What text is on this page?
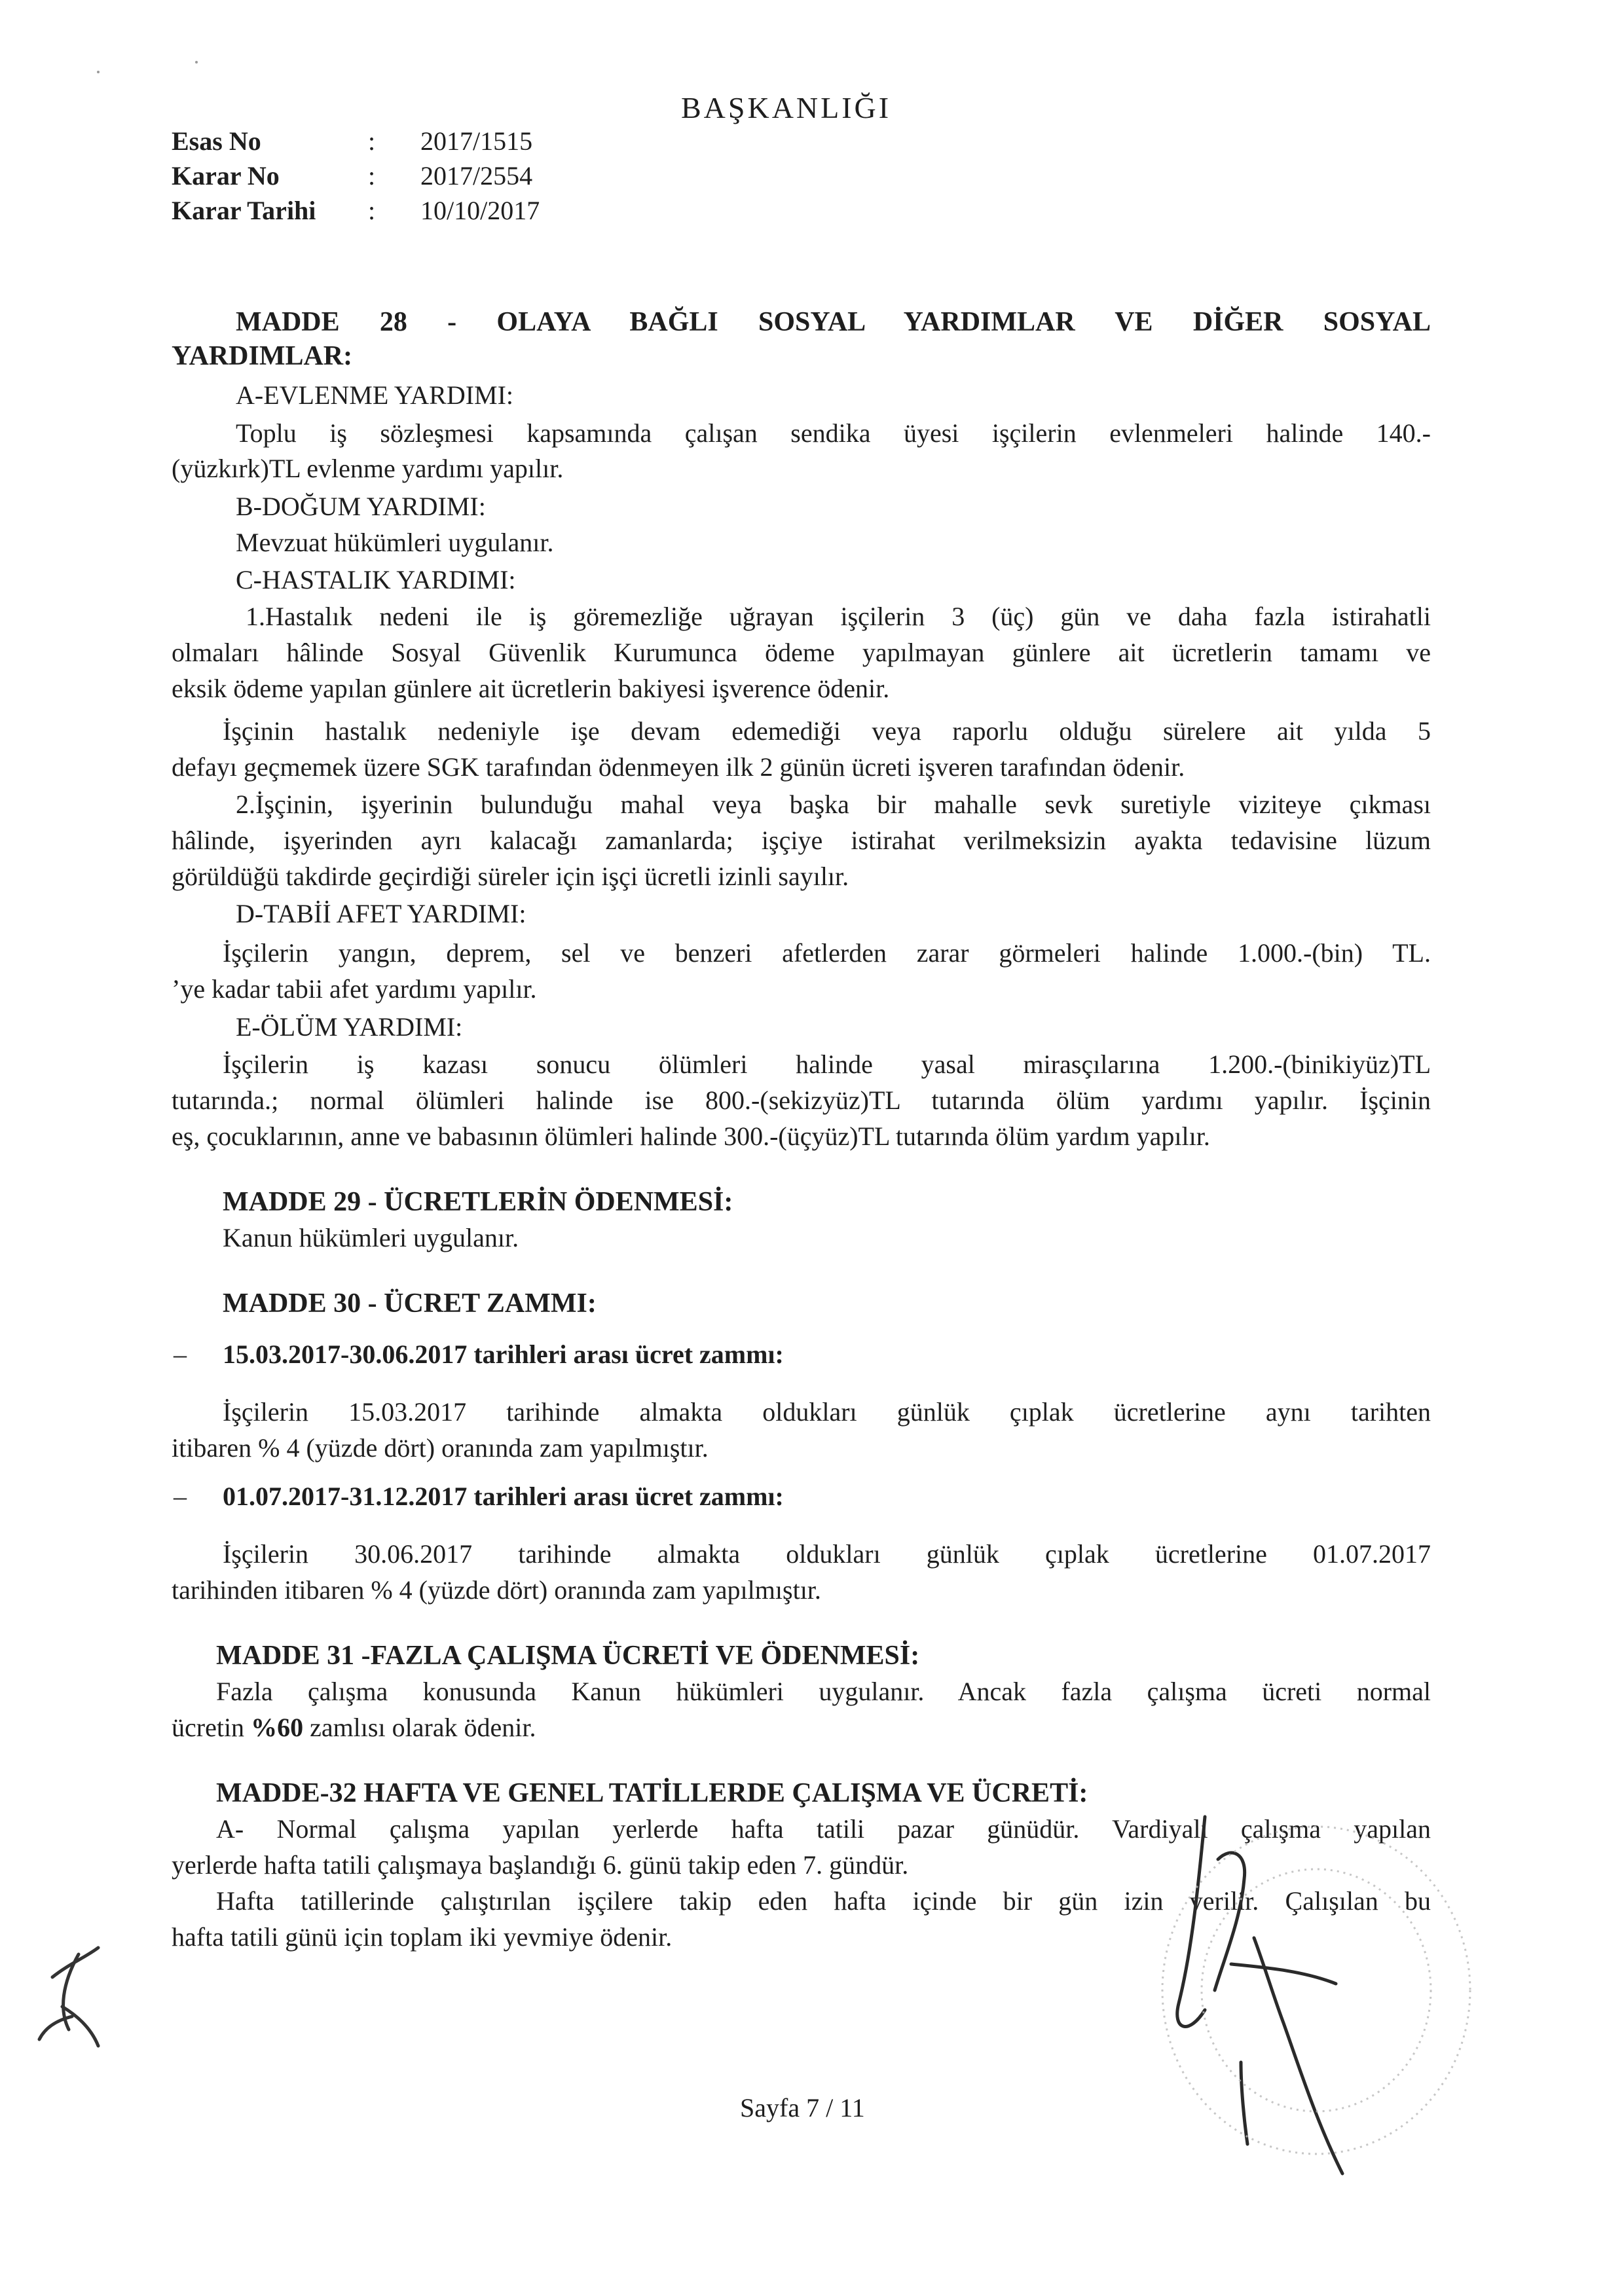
BAŞKANLIĞI
Esas No	: 2017/1515
Karar No	: 2017/2554
Karar Tarihi : 10/10/2017
MADDE 28 - OLAYA BAĞLI SOSYAL YARDIMLAR VE DİĞER SOSYAL
YARDIMLAR:
A-EVLENME YARDIMI:
Toplu iş sözleşmesi kapsamında çalışan sendika üyesi işçilerin evlenmeleri halinde 140.-
(yüzkırk)TL evlenme yardımı yapılır.
B-DOĞUM YARDIMI:
Mevzuat hükümleri uygulanır.
C-HASTALIK YARDIMI:
1.Hastalık nedeni ile iş göremezliğe uğrayan işçilerin 3 (üç) gün ve daha fazla istirahatli
olmaları hâlinde Sosyal Güvenlik Kurumunca ödeme yapılmayan günlere ait ücretlerin tamamı ve
eksik ödeme yapılan günlere ait ücretlerin bakiyesi işverence ödenir.
İşçinin hastalık nedeniyle işe devam edemediği veya raporlu olduğu sürelere ait yılda 5
defayı geçmemek üzere SGK tarafından ödenmeyen ilk 2 günün ücreti işveren tarafından ödenir.
2.İşçinin, işyerinin bulunduğu mahal veya başka bir mahalle sevk suretiyle viziteye çıkması
hâlinde, işyerinden ayrı kalacağı zamanlarda; işçiye istirahat verilmeksizin ayakta tedavisine lüzum
görüldüğü takdirde geçirdiği süreler için işçi ücretli izinli sayılır.
D-TABİİ AFET YARDIMI:
İşçilerin yangın, deprem, sel ve benzeri afetlerden zarar görmeleri halinde 1.000.-(bin) TL.
’ye kadar tabii afet yardımı yapılır.
E-ÖLÜM YARDIMI:
İşçilerin iş kazası sonucu ölümleri halinde yasal mirasçılarına 1.200.-(binikiyüz)TL
tutarında.; normal ölümleri halinde ise 800.-(sekizyüz)TL tutarında ölüm yardımı yapılır. İşçinin
eş, çocuklarının, anne ve babasının ölümleri halinde 300.-(üçyüz)TL tutarında ölüm yardım yapılır.
MADDE 29 - ÜCRETLERİN ÖDENMESİ:
Kanun hükümleri uygulanır.
MADDE 30 - ÜCRET ZAMMI:
– 15.03.2017-30.06.2017 tarihleri arası ücret zammı:
İşçilerin 15.03.2017 tarihinde almakta oldukları günlük çıplak ücretlerine aynı tarihten
itibaren % 4 (yüzde dört) oranında zam yapılmıştır.
– 01.07.2017-31.12.2017 tarihleri arası ücret zammı:
İşçilerin 30.06.2017 tarihinde almakta oldukları günlük çıplak ücretlerine 01.07.2017
tarihinden itibaren % 4 (yüzde dört) oranında zam yapılmıştır.
MADDE 31 -FAZLA ÇALIŞMA ÜCRETİ VE ÖDENMESİ:
Fazla çalışma konusunda Kanun hükümleri uygulanır. Ancak fazla çalışma ücreti normal
ücretin %60 zamlısı olarak ödenir.
MADDE-32 HAFTA VE GENEL TATİLLERDE ÇALIŞMA VE ÜCRETİ:
A- Normal çalışma yapılan yerlerde hafta tatili pazar günüdür. Vardiyalı çalışma yapılan
yerlerde hafta tatili çalışmaya başlandığı 6. günü takip eden 7. gündür.
Hafta tatillerinde çalıştırılan işçilere takip eden hafta içinde bir gün izin verilir. Çalışılan bu
hafta tatili günü için toplam iki yevmiye ödenir.
Sayfa 7 / 11
